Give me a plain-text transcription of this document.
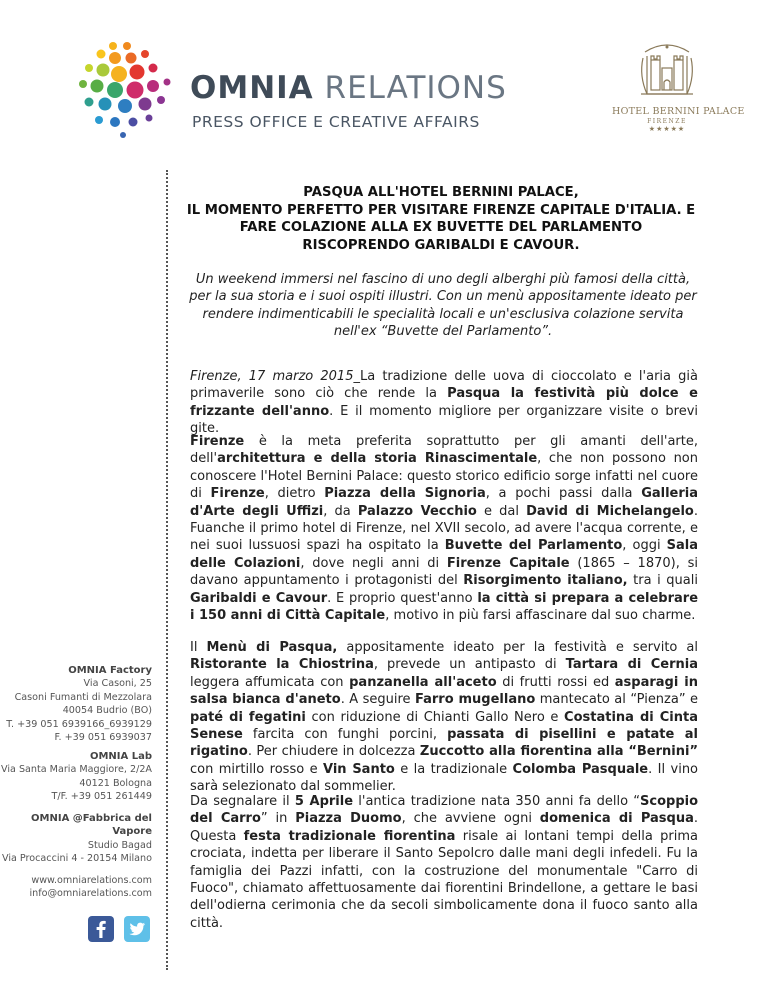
OMNIA RELATIONS
PRESS OFFICE E CREATIVE AFFAIRS
HOTEL BERNINI PALACE
FIRENZE
★★★★★
OMNIA Factory
Via Casoni, 25
Casoni Fumanti di Mezzolara
40054 Budrio (BO)
T. +39 051 6939166_6939129
F. +39 051 6939037
OMNIA Lab
Via Santa Maria Maggiore, 2/2A
40121 Bologna
T/F. +39 051 261449
OMNIA @Fabbrica del Vapore
Studio Bagad
Via Procaccini 4 - 20154 Milano
www.omniarelations.com
info@omniarelations.com
PASQUA ALL'HOTEL BERNINI PALACE,
IL MOMENTO PERFETTO PER VISITARE FIRENZE CAPITALE D'ITALIA. E
FARE COLAZIONE ALLA EX BUVETTE DEL PARLAMENTO
RISCOPRENDO GARIBALDI E CAVOUR.
Un weekend immersi nel fascino di uno degli alberghi più famosi della città, per la sua storia e i suoi ospiti illustri. Con un menù appositamente ideato per rendere indimenticabili le specialità locali e un'esclusiva colazione servita nell'ex “Buvette del Parlamento”.

Firenze, 17 marzo 2015_La tradizione delle uova di cioccolato e l'aria già primaverile sono ciò che rende la Pasqua la festività più dolce e frizzante dell'anno. E il momento migliore per organizzare visite o brevi gite.

Firenze è la meta preferita soprattutto per gli amanti dell'arte, dell'architettura e della storia Rinascimentale, che non possono non conoscere l'Hotel Bernini Palace: questo storico edificio sorge infatti nel cuore di Firenze, dietro Piazza della Signoria, a pochi passi dalla Galleria d'Arte degli Uffizi, da Palazzo Vecchio e dal David di Michelangelo. Fuanche il primo hotel di Firenze, nel XVII secolo, ad avere l'acqua corrente, e nei suoi lussuosi spazi ha ospitato la Buvette del Parlamento, oggi Sala delle Colazioni, dove negli anni di Firenze Capitale (1865 – 1870), si davano appuntamento i protagonisti del Risorgimento italiano, tra i quali Garibaldi e Cavour. E proprio quest'anno la città si prepara a celebrare i 150 anni di Città Capitale, motivo in più farsi affascinare dal suo charme.

Il Menù di Pasqua, appositamente ideato per la festività e servito al Ristorante la Chiostrina, prevede un antipasto di Tartara di Cernia leggera affumicata con panzanella all'aceto di frutti rossi ed asparagi in salsa bianca d'aneto. A seguire Farro mugellano mantecato al “Pienza” e paté di fegatini con riduzione di Chianti Gallo Nero e Costatina di Cinta Senese farcita con funghi porcini, passata di pisellini e patate al rigatino. Per chiudere in dolcezza Zuccotto alla fiorentina alla “Bernini” con mirtillo rosso e Vin Santo e la tradizionale Colomba Pasquale. Il vino sarà selezionato dal sommelier.

Da segnalare il 5 Aprile l'antica tradizione nata 350 anni fa dello “Scoppio del Carro” in Piazza Duomo, che avviene ogni domenica di Pasqua. Questa festa tradizionale fiorentina risale ai lontani tempi della prima crociata, indetta per liberare il Santo Sepolcro dalle mani degli infedeli. Fu la famiglia dei Pazzi infatti, con la costruzione del monumentale "Carro di Fuoco", chiamato affettuosamente dai fiorentini Brindellone, a gettare le basi dell'odierna cerimonia che da secoli simbolicamente dona il fuoco santo alla città.
